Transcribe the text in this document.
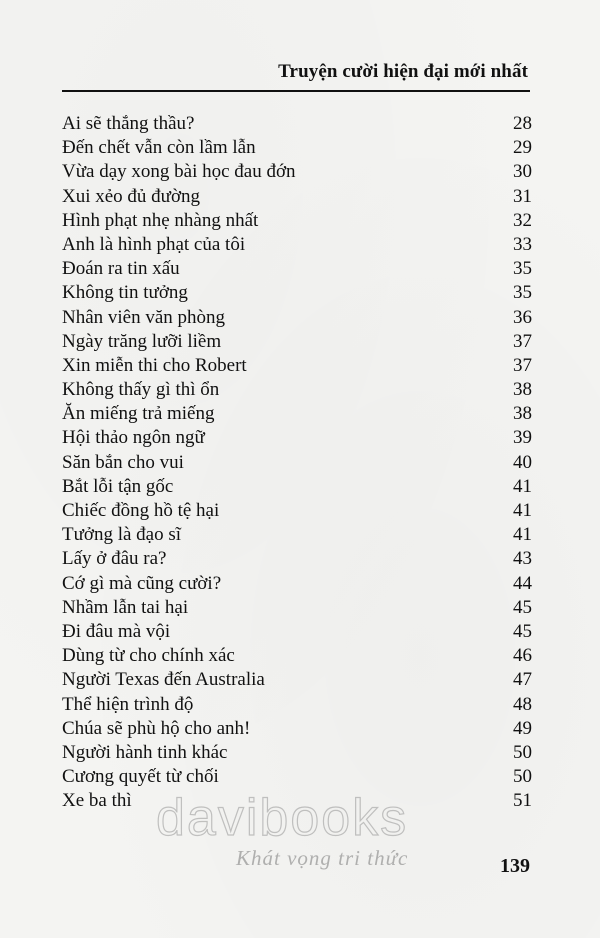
Truyện cười hiện đại mới nhất
Ai sẽ thắng thầu?	28
Đến chết vẫn còn lầm lẫn	29
Vừa dạy xong bài học đau đớn	30
Xui xẻo đủ đường	31
Hình phạt nhẹ nhàng nhất	32
Anh là hình phạt của tôi	33
Đoán ra tin xấu	35
Không tin tưởng	35
Nhân viên văn phòng	36
Ngày trăng lưỡi liềm	37
Xin miễn thi cho Robert	37
Không thấy gì thì ổn	38
Ăn miếng trả miếng	38
Hội thảo ngôn ngữ	39
Săn bắn cho vui	40
Bắt lỗi tận gốc	41
Chiếc đồng hồ tệ hại	41
Tưởng là đạo sĩ	41
Lấy ở đâu ra?	43
Cớ gì mà cũng cười?	44
Nhầm lẫn tai hại	45
Đi đâu mà vội	45
Dùng từ cho chính xác	46
Người Texas đến Australia	47
Thể hiện trình độ	48
Chúa sẽ phù hộ cho anh!	49
Người hành tinh khác	50
Cương quyết từ chối	50
Xe ba thì	51
davibooks
Khát vọng tri thức	139
